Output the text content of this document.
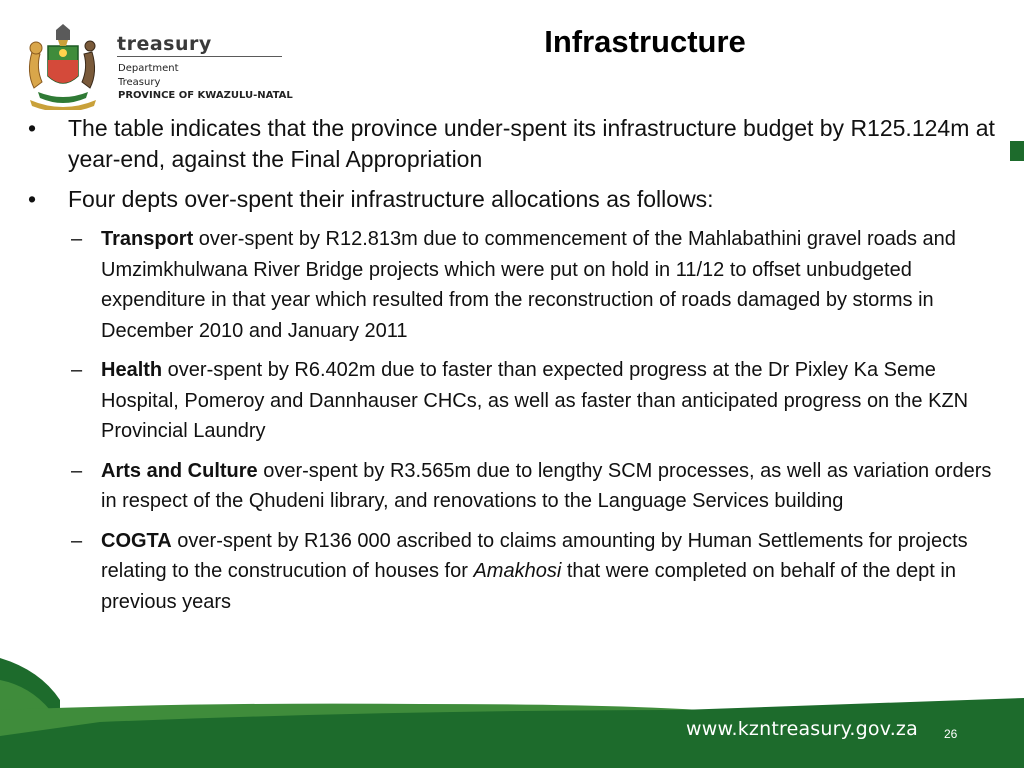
treasury
Department
Treasury
PROVINCE OF KWAZULU-NATAL
Infrastructure
• The table indicates that the province under-spent its infrastructure budget by R125.124m at year-end, against the Final Appropriation
• Four depts over-spent their infrastructure allocations as follows:
– Transport over-spent by R12.813m due to commencement of the Mahlabathini gravel roads and Umzimkhulwana River Bridge projects which were put on hold in 11/12 to offset unbudgeted expenditure in that year which resulted from the reconstruction of roads damaged by storms in December 2010 and January 2011
– Health over-spent by R6.402m due to faster than expected progress at the Dr Pixley Ka Seme Hospital, Pomeroy and Dannhauser CHCs, as well as faster than anticipated progress on the KZN Provincial Laundry
– Arts and Culture over-spent by R3.565m due to lengthy SCM processes, as well as variation orders in respect of the Qhudeni library, and renovations to the Language Services building
– COGTA over-spent by R136 000 ascribed to claims amounting by Human Settlements for projects relating to the construcution of houses for Amakhosi that were completed on behalf of the dept in previous years
www.kzntreasury.gov.za 26
